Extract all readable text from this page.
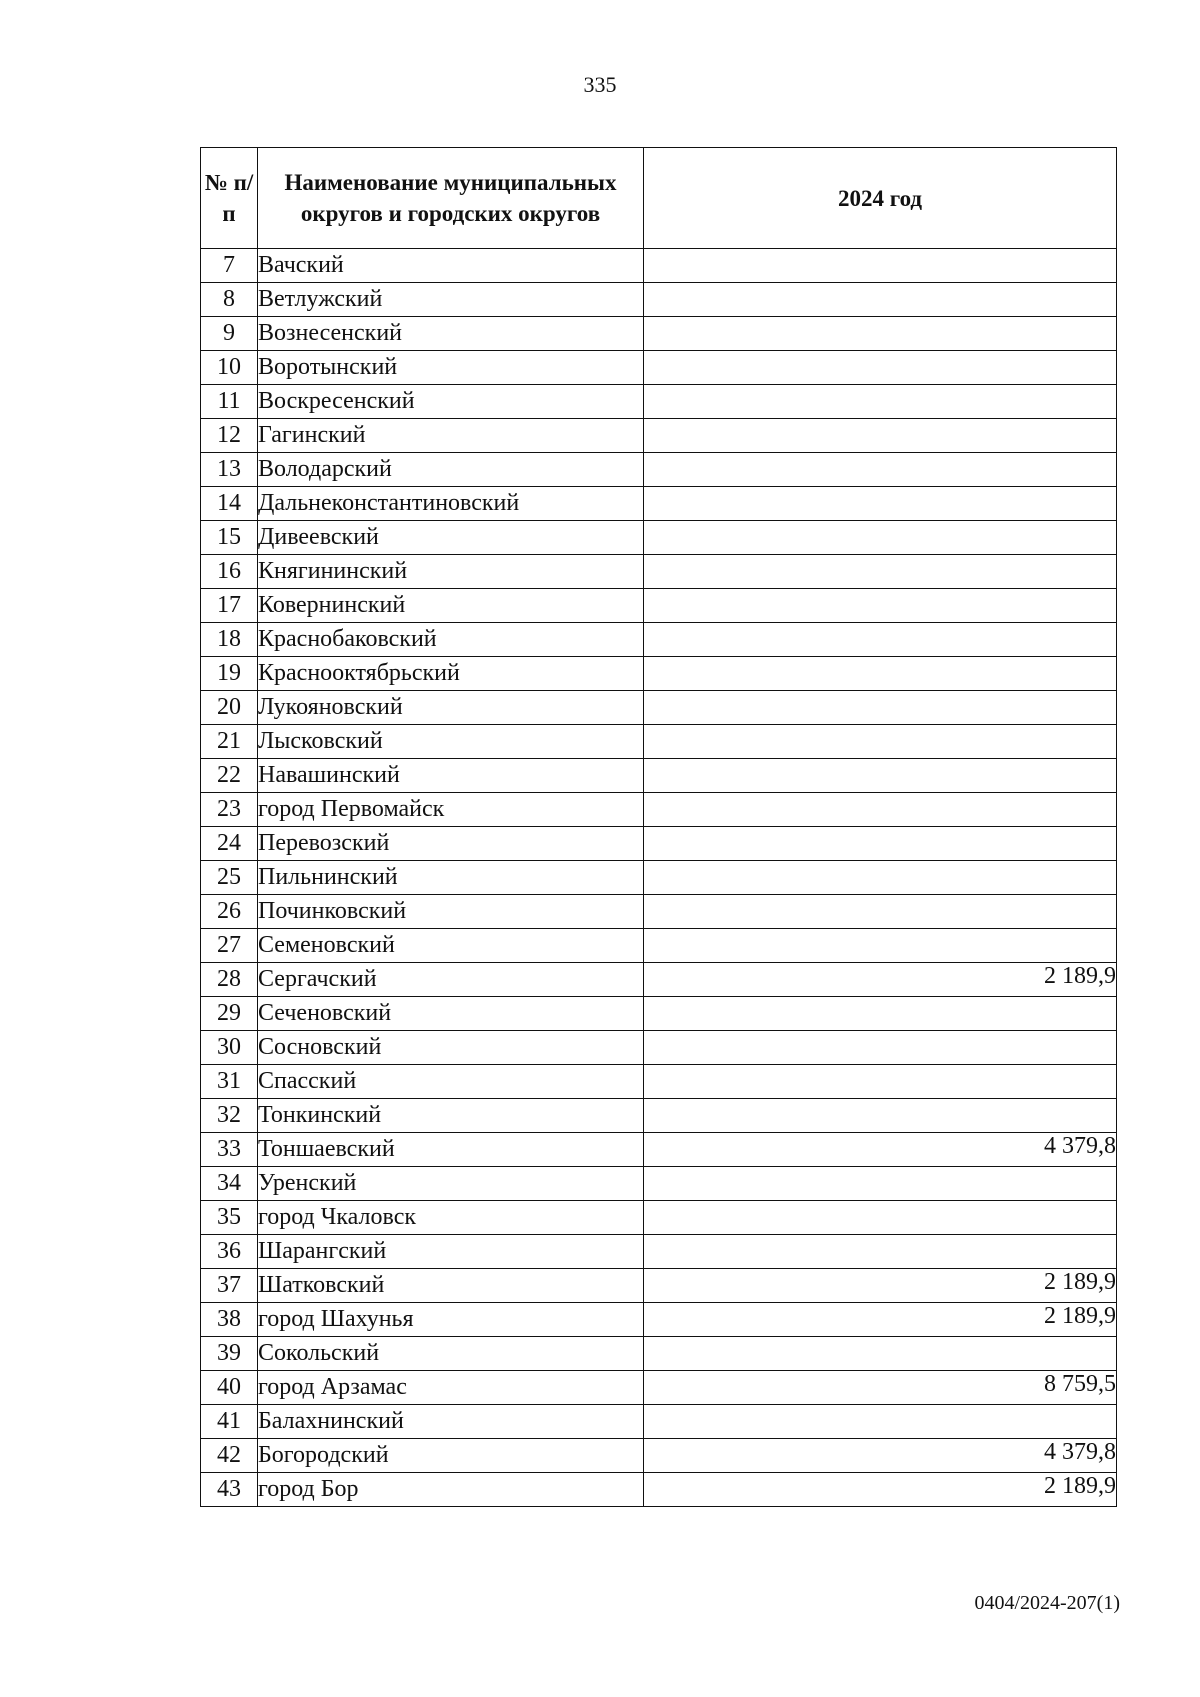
335
№ п/п	Наименование муниципальных округов и городских округов	2024 год
7	Вачский	
8	Ветлужский	
9	Вознесенский	
10	Воротынский	
11	Воскресенский	
12	Гагинский	
13	Володарский	
14	Дальнеконстантиновский	
15	Дивеевский	
16	Княгининский	
17	Ковернинский	
18	Краснобаковский	
19	Краснооктябрьский	
20	Лукояновский	
21	Лысковский	
22	Навашинский	
23	город Первомайск	
24	Перевозский	
25	Пильнинский	
26	Починковский	
27	Семеновский	
28	Сергачский	2 189,9
29	Сеченовский	
30	Сосновский	
31	Спасский	
32	Тонкинский	
33	Тоншаевский	4 379,8
34	Уренский	
35	город Чкаловск	
36	Шарангский	
37	Шатковский	2 189,9
38	город Шахунья	2 189,9
39	Сокольский	
40	город Арзамас	8 759,5
41	Балахнинский	
42	Богородский	4 379,8
43	город Бор	2 189,9
0404/2024-207(1)
